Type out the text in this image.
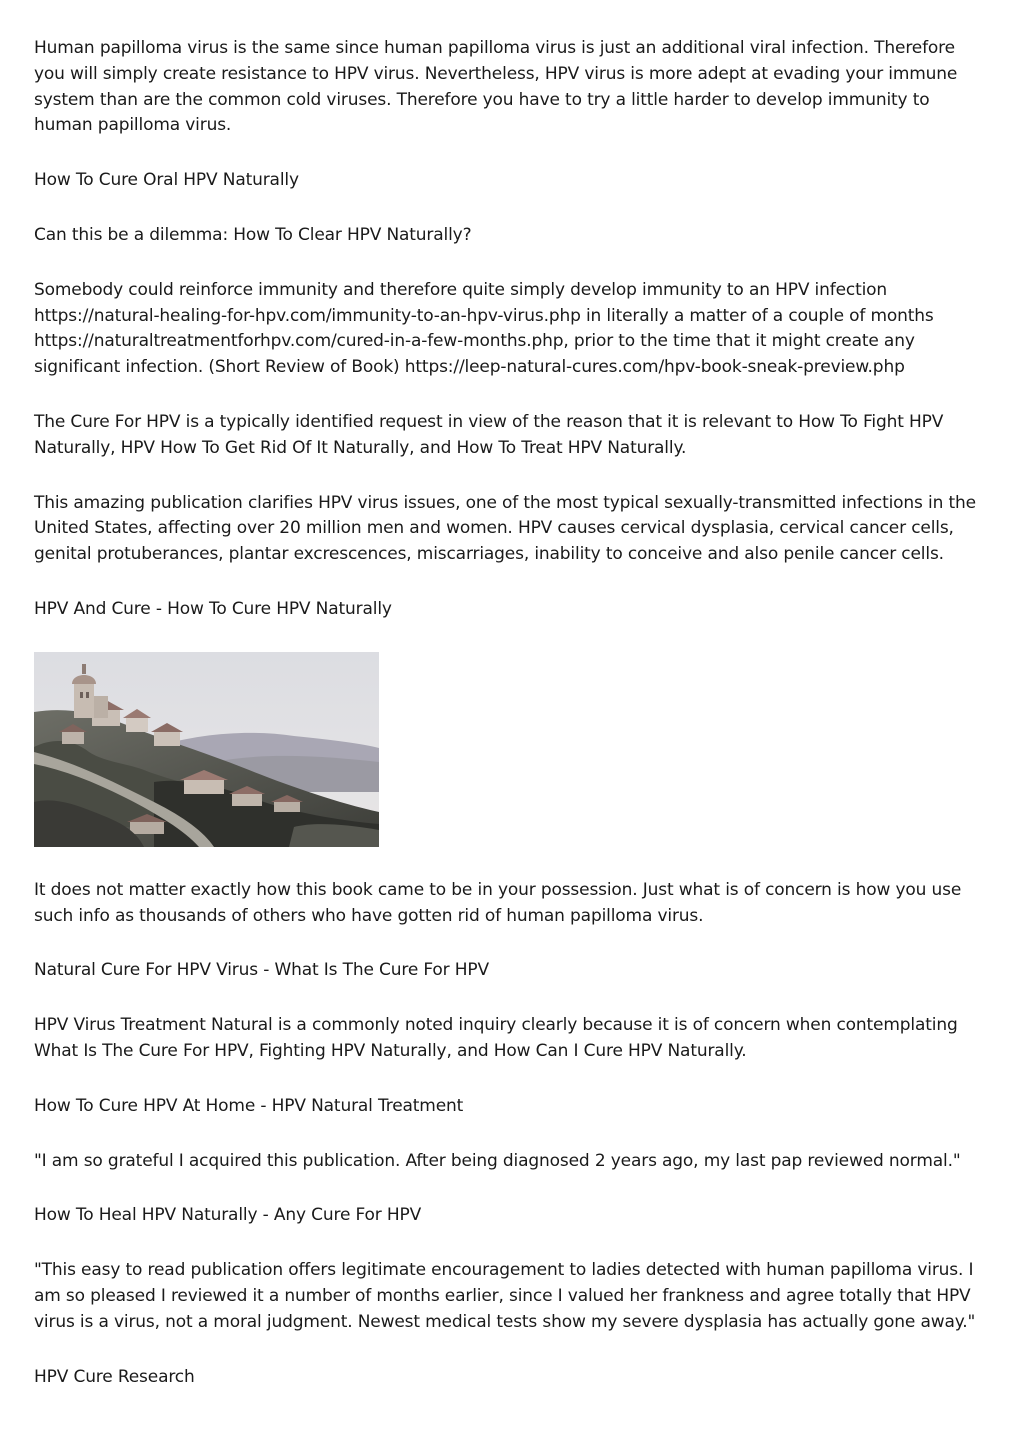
Human papilloma virus is the same since human papilloma virus is just an additional viral infection. Therefore you will simply create resistance to HPV virus. Nevertheless, HPV virus is more adept at evading your immune system than are the common cold viruses. Therefore you have to try a little harder to develop immunity to human papilloma virus.

How To Cure Oral HPV Naturally

Can this be a dilemma: How To Clear HPV Naturally?

Somebody could reinforce immunity and therefore quite simply develop immunity to an HPV infection https://natural-healing-for-hpv.com/immunity-to-an-hpv-virus.php in literally a matter of a couple of months https://naturaltreatmentforhpv.com/cured-in-a-few-months.php, prior to the time that it might create any significant infection. (Short Review of Book) https://leep-natural-cures.com/hpv-book-sneak-preview.php

The Cure For HPV is a typically identified request in view of the reason that it is relevant to How To Fight HPV Naturally, HPV How To Get Rid Of It Naturally, and How To Treat HPV Naturally.

This amazing publication clarifies HPV virus issues, one of the most typical sexually-transmitted infections in the United States, affecting over 20 million men and women. HPV causes cervical dysplasia, cervical cancer cells, genital protuberances, plantar excrescences, miscarriages, inability to conceive and also penile cancer cells.

HPV And Cure - How To Cure HPV Naturally

It does not matter exactly how this book came to be in your possession. Just what is of concern is how you use such info as thousands of others who have gotten rid of human papilloma virus.

Natural Cure For HPV Virus - What Is The Cure For HPV

HPV Virus Treatment Natural is a commonly noted inquiry clearly because it is of concern when contemplating What Is The Cure For HPV, Fighting HPV Naturally, and How Can I Cure HPV Naturally.

How To Cure HPV At Home - HPV Natural Treatment

"I am so grateful I acquired this publication. After being diagnosed 2 years ago, my last pap reviewed normal."

How To Heal HPV Naturally - Any Cure For HPV

"This easy to read publication offers legitimate encouragement to ladies detected with human papilloma virus. I am so pleased I reviewed it a number of months earlier, since I valued her frankness and agree totally that HPV virus is a virus, not a moral judgment. Newest medical tests show my severe dysplasia has actually gone away."

HPV Cure Research
